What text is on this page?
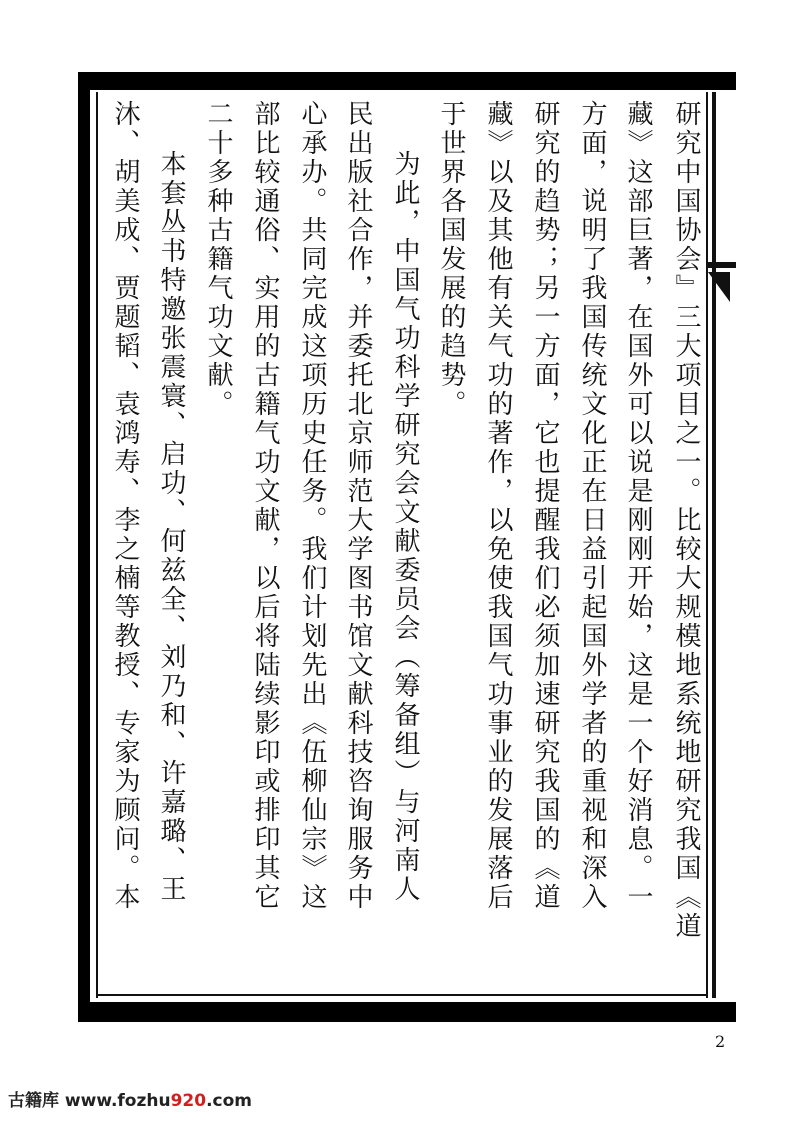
研究中国协会』三大项目之一。比较大规模地系统地研究我国《道
藏》这部巨著，在国外可以说是刚刚开始，这是一个好消息。一
方面，说明了我国传统文化正在日益引起国外学者的重视和深入
研究的趋势；另一方面，它也提醒我们必须加速研究我国的《道
藏》以及其他有关气功的著作，以免使我国气功事业的发展落后
于世界各国发展的趋势。
为此，中国气功科学研究会文献委员会（筹备组）与河南人
民出版社合作，并委托北京师范大学图书馆文献科技咨询服务中
心承办。共同完成这项历史任务。我们计划先出《伍柳仙宗》这
部比较通俗、实用的古籍气功文献，以后将陆续影印或排印其它
二十多种古籍气功文献。
本套丛书特邀张震寰、启功、何兹全、刘乃和、许嘉璐、王
沐、胡美成、贾题韬、袁鸿寿、李之楠等教授、专家为顾问。本
2
古籍库 www.fozhu920.com
